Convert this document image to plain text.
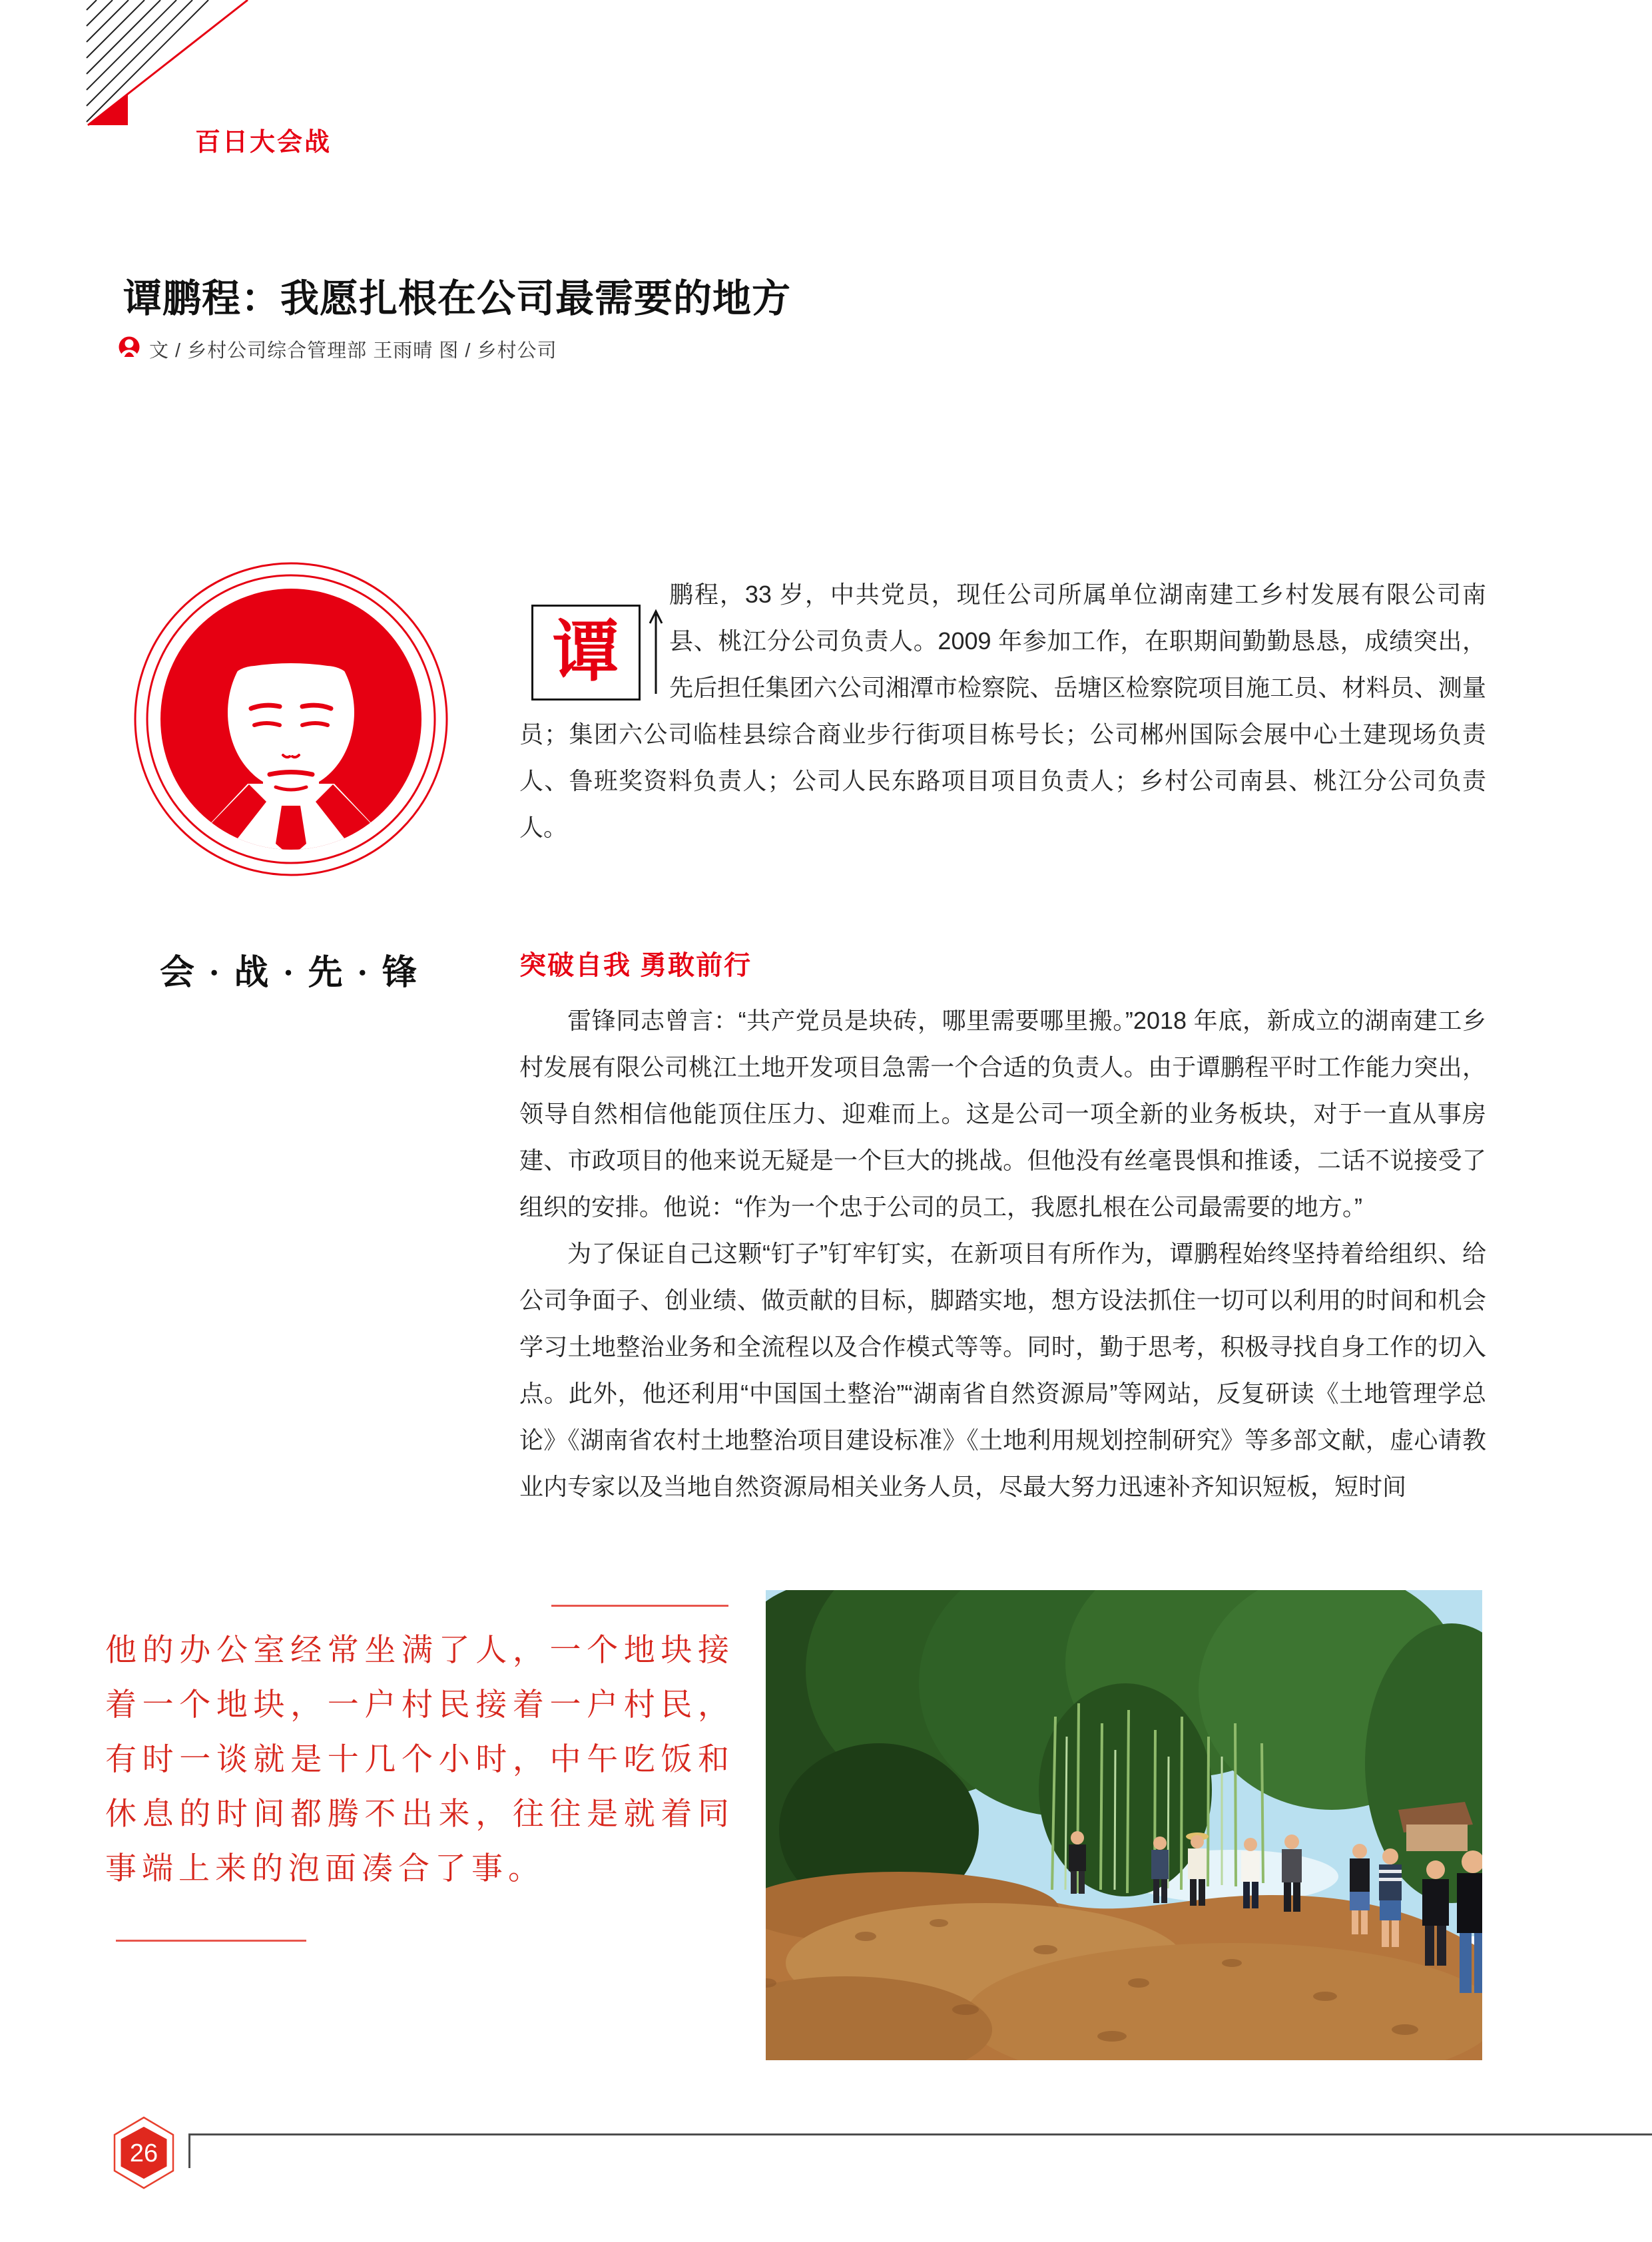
百日大会战
谭鹏程：我愿扎根在公司最需要的地方
文 / 乡村公司综合管理部 王雨晴 图 / 乡村公司
会 · 战 · 先 · 锋
谭

鹏程，33 岁，中共党员，现任公司所属单位湖南建工乡村发展有限公司南县、桃江分公司负责人。2009 年参加工作，在职期间勤勤恳恳，成绩突出，先后担任集团六公司湘潭市检察院、岳塘区检察院项目施工员、材料员、测量员；集团六公司临桂县综合商业步行街项目栋号长；公司郴州国际会展中心土建现场负责人、鲁班奖资料负责人；公司人民东路项目项目负责人；乡村公司南县、桃江分公司负责人。

突破自我 勇敢前行

雷锋同志曾言：“共产党员是块砖，哪里需要哪里搬。”2018 年底，新成立的湖南建工乡村发展有限公司桃江土地开发项目急需一个合适的负责人。由于谭鹏程平时工作能力突出，领导自然相信他能顶住压力、迎难而上。这是公司一项全新的业务板块，对于一直从事房建、市政项目的他来说无疑是一个巨大的挑战。但他没有丝毫畏惧和推诿，二话不说接受了组织的安排。他说：“作为一个忠于公司的员工，我愿扎根在公司最需要的地方。”

为了保证自己这颗“钉子”钉牢钉实，在新项目有所作为，谭鹏程始终坚持着给组织、给公司争面子、创业绩、做贡献的目标，脚踏实地，想方设法抓住一切可以利用的时间和机会学习土地整治业务和全流程以及合作模式等等。同时，勤于思考，积极寻找自身工作的切入点。此外，他还利用“中国国土整治”“湖南省自然资源局”等网站，反复研读《土地管理学总论》《湖南省农村土地整治项目建设标准》《土地利用规划控制研究》等多部文献，虚心请教业内专家以及当地自然资源局相关业务人员，尽最大努力迅速补齐知识短板，短时间

他的办公室经常坐满了人，一个地块接着一个地块，一户村民接着一户村民，有时一谈就是十几个小时，中午吃饭和休息的时间都腾不出来，往往是就着同事端上来的泡面凑合了事。
26
